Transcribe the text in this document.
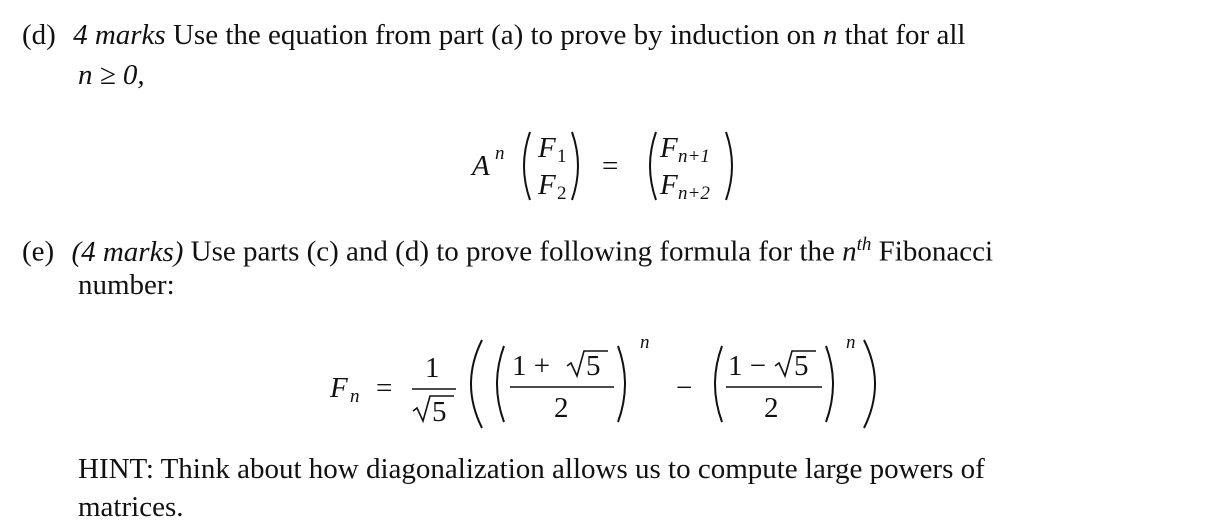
(d) 4 marks Use the equation from part (a) to prove by induction on n that for all
n ≥ 0,
A n F 1
F 2
=
F n+1
F n+2
(e) (4 marks) Use parts (c) and (d) to prove following formula for the $n^{th}$ Fibonacci
number:
F n =
1
5
1 + 5
2
n
−
1 − 5
2
n
HINT: Think about how diagonalization allows us to compute large powers of
matrices.
